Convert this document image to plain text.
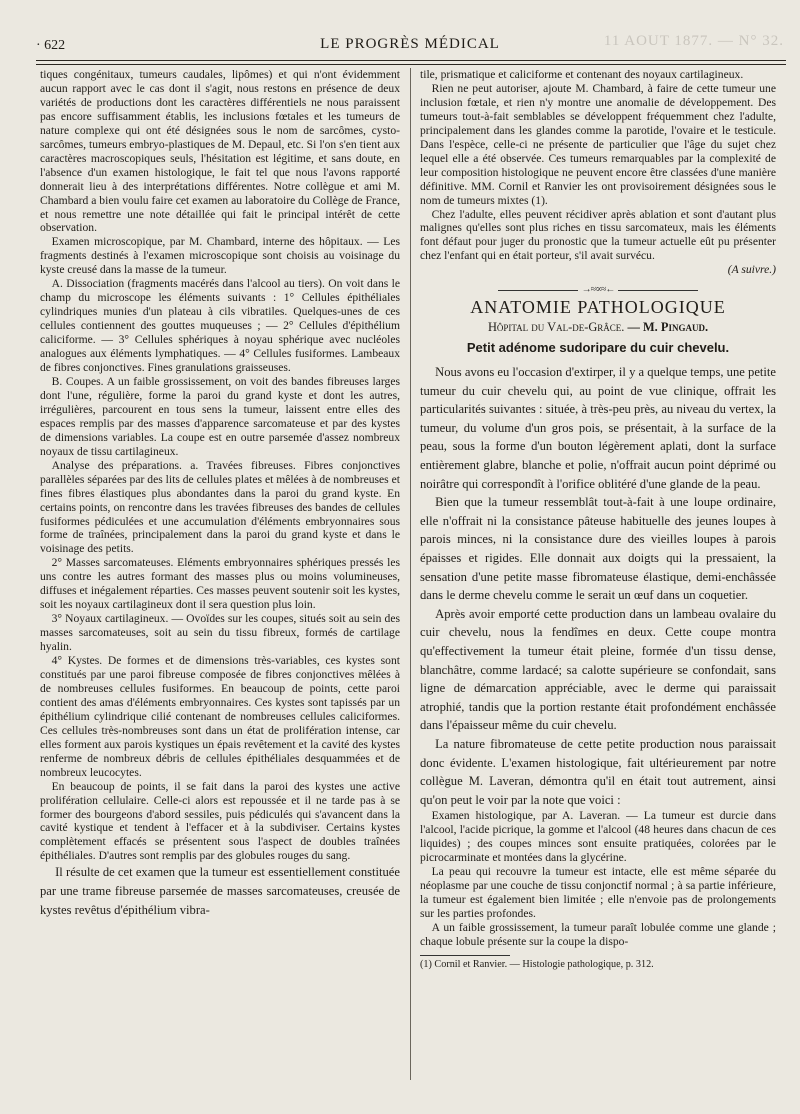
· 622	LE PROGRÈS MÉDICAL	11 AOUT 1877. — N° 32.

tiques congénitaux, tumeurs caudales, lipômes) et qui n'ont évidemment aucun rapport avec le cas dont il s'agit, nous restons en présence de deux variétés de productions dont les caractères différentiels ne nous paraissent pas encore suffisamment établis, les inclusions fœtales et les tumeurs de nature complexe qui ont été désignées sous le nom de sarcômes, cysto-sarcômes, tumeurs embryo-plastiques de M. Depaul, etc. Si l'on s'en tient aux caractères macroscopiques seuls, l'hésitation est légitime, et sans doute, en l'absence d'un examen histologique, le fait tel que nous l'avons rapporté donnerait lieu à des interprétations différentes. Notre collègue et ami M. Chambard a bien voulu faire cet examen au laboratoire du Collège de France, et nous remettre une note détaillée qui fait le principal intérêt de cette observation.

Examen microscopique, par M. Chambard, interne des hôpitaux. — Les fragments destinés à l'examen microscopique sont choisis au voisinage du kyste creusé dans la masse de la tumeur.

A. Dissociation (fragments macérés dans l'alcool au tiers). On voit dans le champ du microscope les éléments suivants : 1° Cellules épithéliales cylindriques munies d'un plateau à cils vibratiles. Quelques-unes de ces cellules contiennent des gouttes muqueuses ; — 2° Cellules d'épithélium caliciforme. — 3° Cellules sphériques à noyau sphérique avec nucléoles analogues aux éléments lymphatiques. — 4° Cellules fusiformes. Lambeaux de fibres conjonctives. Fines granulations graisseuses.

B. Coupes. A un faible grossissement, on voit des bandes fibreuses larges dont l'une, régulière, forme la paroi du grand kyste et dont les autres, irrégulières, parcourent en tous sens la tumeur, laissent entre elles des espaces remplis par des masses d'apparence sarcomateuse et par des kystes de dimensions variables. La coupe est en outre parsemée d'assez nombreux noyaux de tissu cartilagineux.

Analyse des préparations. a. Travées fibreuses. Fibres conjonctives parallèles séparées par des lits de cellules plates et mêlées à de nombreuses et fines fibres élastiques plus abondantes dans la paroi du grand kyste. En certains points, on rencontre dans les travées fibreuses des bandes de cellules fusiformes pédiculées et une accumulation d'éléments embryonnaires sous forme de traînées, principalement dans la paroi du grand kyste et dans le voisinage des petits.

2° Masses sarcomateuses. Eléments embryonnaires sphériques pressés les uns contre les autres formant des masses plus ou moins volumineuses, diffuses et inégalement réparties. Ces masses peuvent soutenir soit les kystes, soit les noyaux cartilagineux dont il sera question plus loin.

3° Noyaux cartilagineux. — Ovoïdes sur les coupes, situés soit au sein des masses sarcomateuses, soit au sein du tissu fibreux, formés de cartilage hyalin.

4° Kystes. De formes et de dimensions très-variables, ces kystes sont constitués par une paroi fibreuse composée de fibres conjonctives mêlées à de nombreuses cellules fusiformes. En beaucoup de points, cette paroi contient des amas d'éléments embryonnaires. Ces kystes sont tapissés par un épithélium cylindrique cilié contenant de nombreuses cellules caliciformes. Ces cellules très-nombreuses sont dans un état de prolifération intense, car elles forment aux parois kystiques un épais revêtement et la cavité des kystes renferme de nombreux débris de cellules épithéliales desquammées et de nombreux leucocytes.

En beaucoup de points, il se fait dans la paroi des kystes une active prolifération cellulaire. Celle-ci alors est repoussée et il ne tarde pas à se former des bourgeons d'abord sessiles, puis pédiculés qui s'avancent dans la cavité kystique et tendent à l'effacer et à la subdiviser. Certains kystes complètement effacés se présentent sous l'aspect de doubles traînées épithéliales. D'autres sont remplis par des globules rouges du sang.

Il résulte de cet examen que la tumeur est essentiellement constituée par une trame fibreuse parsemée de masses sarcomateuses, creusée de kystes revêtus d'épithélium vibra-

tile, prismatique et caliciforme et contenant des noyaux cartilagineux.

Rien ne peut autoriser, ajoute M. Chambard, à faire de cette tumeur une inclusion fœtale, et rien n'y montre une anomalie de développement. Des tumeurs tout-à-fait semblables se développent fréquemment chez l'adulte, principalement dans les glandes comme la parotide, l'ovaire et le testicule. Dans l'espèce, celle-ci ne présente de particulier que l'âge du sujet chez lequel elle a été observée. Ces tumeurs remarquables par la complexité de leur composition histologique ne peuvent encore être classées d'une manière définitive. MM. Cornil et Ranvier les ont provisoirement désignées sous le nom de tumeurs mixtes (1).

Chez l'adulte, elles peuvent récidiver après ablation et sont d'autant plus malignes qu'elles sont plus riches en tissu sarcomateux, mais les éléments font défaut pour juger du pronostic que la tumeur actuelle eût pu présenter chez l'enfant qui en était porteur, s'il avait survécu.

(A suivre.)

→≈∝≈←
ANATOMIE PATHOLOGIQUE
Hôpital du Val-de-Grâce. — M. Pingaud.
Petit adénome sudoripare du cuir chevelu.

Nous avons eu l'occasion d'extirper, il y a quelque temps, une petite tumeur du cuir chevelu qui, au point de vue clinique, offrait les particularités suivantes : située, à très-peu près, au niveau du vertex, la tumeur, du volume d'un gros pois, se présentait, à la surface de la peau, sous la forme d'un bouton légèrement aplati, dont la surface entièrement glabre, blanche et polie, n'offrait aucun point déprimé ou noirâtre qui correspondît à l'orifice oblitéré d'une glande de la peau.

Bien que la tumeur ressemblât tout-à-fait à une loupe ordinaire, elle n'offrait ni la consistance pâteuse habituelle des jeunes loupes à parois minces, ni la consistance dure des vieilles loupes à parois épaisses et rigides. Elle donnait aux doigts qui la pressaient, la sensation d'une petite masse fibromateuse élastique, demi-enchâssée dans le derme chevelu comme le serait un œuf dans un coquetier.

Après avoir emporté cette production dans un lambeau ovalaire du cuir chevelu, nous la fendîmes en deux. Cette coupe montra qu'effectivement la tumeur était pleine, formée d'un tissu dense, blanchâtre, comme lardacé; sa calotte supérieure se confondait, sans ligne de démarcation appréciable, avec le derme qui paraissait atrophié, tandis que la portion restante était profondément enchâssée dans l'épaisseur même du cuir chevelu.

La nature fibromateuse de cette petite production nous paraissait donc évidente. L'examen histologique, fait ultérieurement par notre collègue M. Laveran, démontra qu'il en était tout autrement, ainsi qu'on peut le voir par la note que voici :

Examen histologique, par A. Laveran. — La tumeur est durcie dans l'alcool, l'acide picrique, la gomme et l'alcool (48 heures dans chacun de ces liquides) ; des coupes minces sont ensuite pratiquées, colorées par le picrocarminate et montées dans la glycérine.

La peau qui recouvre la tumeur est intacte, elle est même séparée du néoplasme par une couche de tissu conjonctif normal ; à sa partie inférieure, la tumeur est également bien limitée ; elle n'envoie pas de prolongements sur les parties profondes.

A un faible grossissement, la tumeur paraît lobulée comme une glande ; chaque lobule présente sur la coupe la dispo-

(1) Cornil et Ranvier. — Histologie pathologique, p. 312.
